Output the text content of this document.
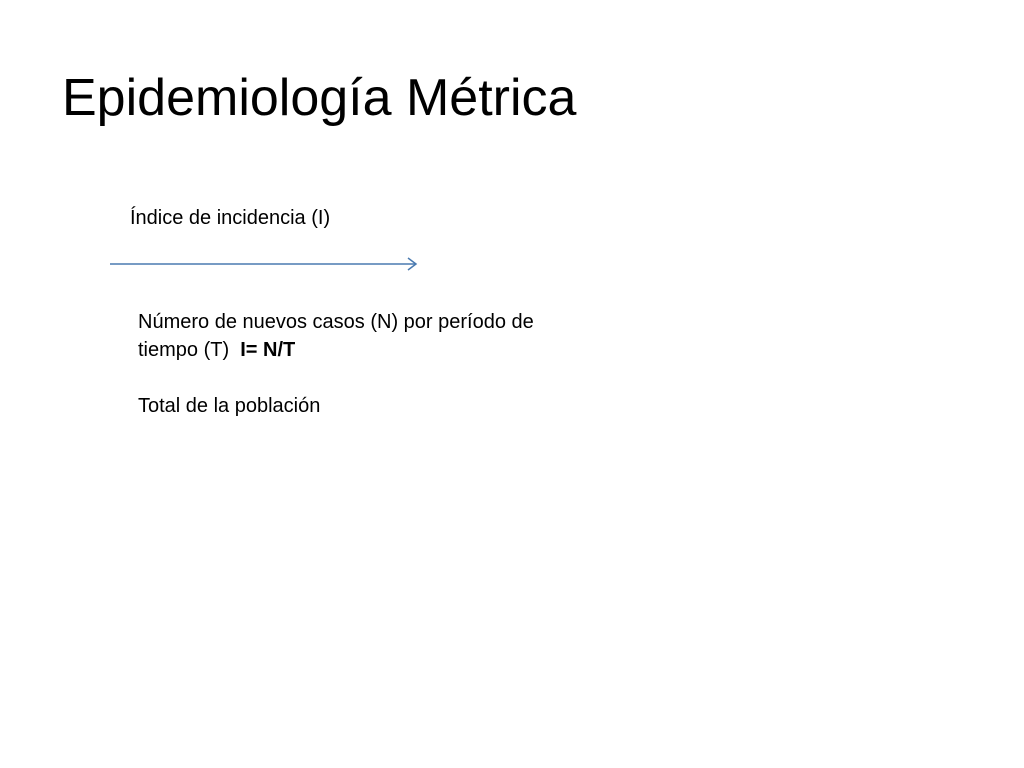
Epidemiología Métrica
Índice de incidencia (I)

Número de nuevos casos (N) por período de

tiempo (T) I= N/T

Total de la población
